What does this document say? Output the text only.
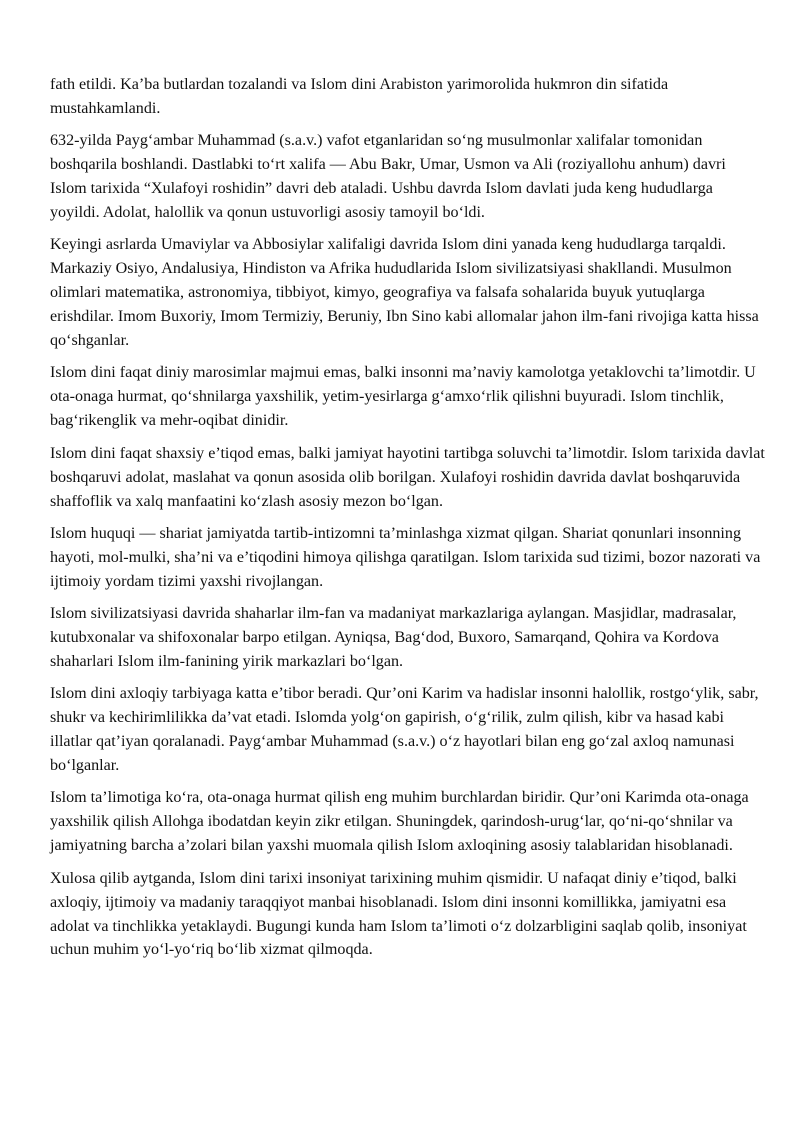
fath etildi. Ka’ba butlardan tozalandi va Islom dini Arabiston yarimorolida hukmron din sifatida mustahkamlandi.

632-yilda Payg‘ambar Muhammad (s.a.v.) vafot etganlaridan so‘ng musulmonlar xalifalar tomonidan boshqarila boshlandi. Dastlabki to‘rt xalifa — Abu Bakr, Umar, Usmon va Ali (roziyallohu anhum) davri Islom tarixida “Xulafoyi roshidin” davri deb ataladi. Ushbu davrda Islom davlati juda keng hududlarga yoyildi. Adolat, halollik va qonun ustuvorligi asosiy tamoyil bo‘ldi.

Keyingi asrlarda Umaviylar va Abbosiylar xalifaligi davrida Islom dini yanada keng hududlarga tarqaldi. Markaziy Osiyo, Andalusiya, Hindiston va Afrika hududlarida Islom sivilizatsiyasi shakllandi. Musulmon olimlari matematika, astronomiya, tibbiyot, kimyo, geografiya va falsafa sohalarida buyuk yutuqlarga erishdilar. Imom Buxoriy, Imom Termiziy, Beruniy, Ibn Sino kabi allomalar jahon ilm-fani rivojiga katta hissa qo‘shganlar.

Islom dini faqat diniy marosimlar majmui emas, balki insonni ma’naviy kamolotga yetaklovchi ta’limotdir. U ota-onaga hurmat, qo‘shnilarga yaxshilik, yetim-yesirlarga g‘amxo‘rlik qilishni buyuradi. Islom tinchlik, bag‘rikenglik va mehr-oqibat dinidir.

Islom dini faqat shaxsiy e’tiqod emas, balki jamiyat hayotini tartibga soluvchi ta’limotdir. Islom tarixida davlat boshqaruvi adolat, maslahat va qonun asosida olib borilgan. Xulafoyi roshidin davrida davlat boshqaruvida shaffoflik va xalq manfaatini ko‘zlash asosiy mezon bo‘lgan.

Islom huquqi — shariat jamiyatda tartib-intizomni ta’minlashga xizmat qilgan. Shariat qonunlari insonning hayoti, mol-mulki, sha’ni va e’tiqodini himoya qilishga qaratilgan. Islom tarixida sud tizimi, bozor nazorati va ijtimoiy yordam tizimi yaxshi rivojlangan.

Islom sivilizatsiyasi davrida shaharlar ilm-fan va madaniyat markazlariga aylangan. Masjidlar, madrasalar, kutubxonalar va shifoxonalar barpo etilgan. Ayniqsa, Bag‘dod, Buxoro, Samarqand, Qohira va Kordova shaharlari Islom ilm-fanining yirik markazlari bo‘lgan.

Islom dini axloqiy tarbiyaga katta e’tibor beradi. Qur’oni Karim va hadislar insonni halollik, rostgo‘ylik, sabr, shukr va kechirimlilikka da’vat etadi. Islomda yolg‘on gapirish, o‘g‘rilik, zulm qilish, kibr va hasad kabi illatlar qat’iyan qoralanadi. Payg‘ambar Muhammad (s.a.v.) o‘z hayotlari bilan eng go‘zal axloq namunasi bo‘lganlar.

Islom ta’limotiga ko‘ra, ota-onaga hurmat qilish eng muhim burchlardan biridir. Qur’oni Karimda ota-onaga yaxshilik qilish Allohga ibodatdan keyin zikr etilgan. Shuningdek, qarindosh-urug‘lar, qo‘ni-qo‘shnilar va jamiyatning barcha a’zolari bilan yaxshi muomala qilish Islom axloqining asosiy talablaridan hisoblanadi.

Xulosa qilib aytganda, Islom dini tarixi insoniyat tarixining muhim qismidir. U nafaqat diniy e’tiqod, balki axloqiy, ijtimoiy va madaniy taraqqiyot manbai hisoblanadi. Islom dini insonni komillikka, jamiyatni esa adolat va tinchlikka yetaklaydi. Bugungi kunda ham Islom ta’limoti o‘z dolzarbligini saqlab qolib, insoniyat uchun muhim yo‘l-yo‘riq bo‘lib xizmat qilmoqda.
